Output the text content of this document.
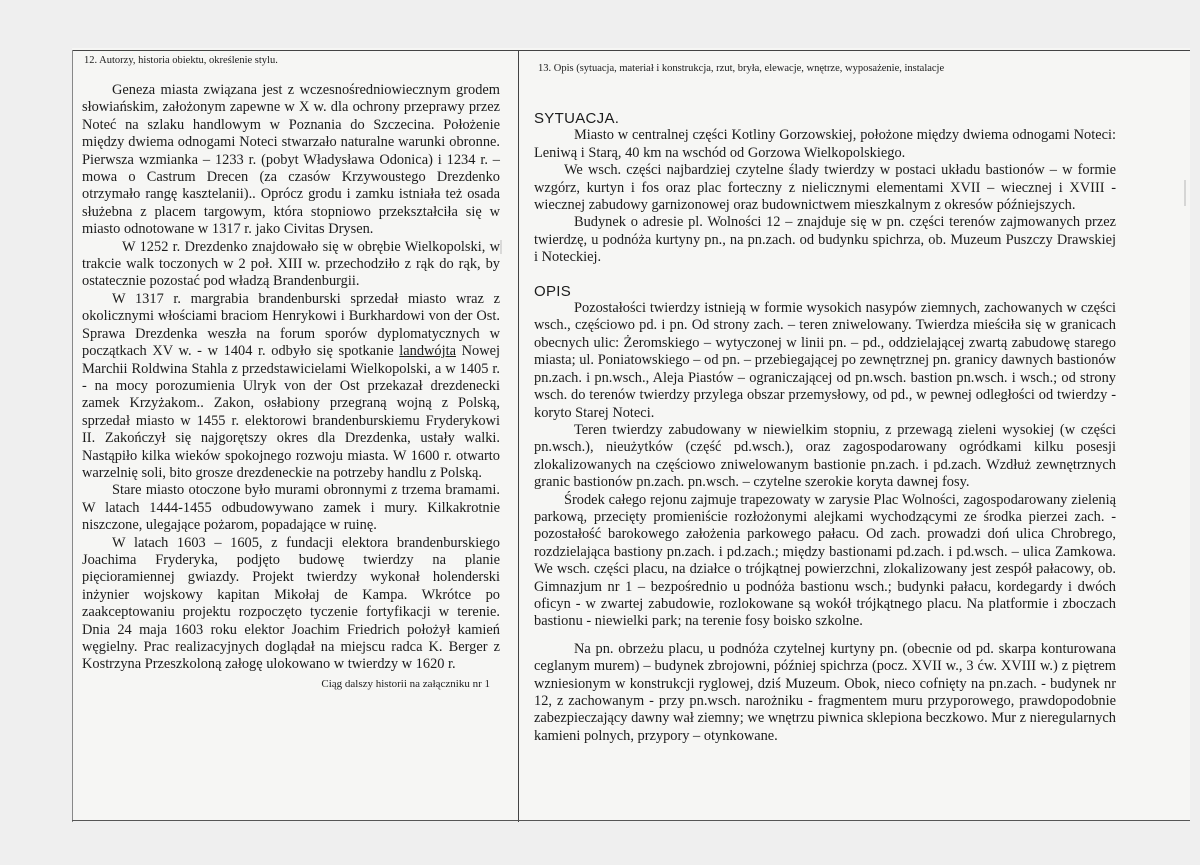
12. Autorzy, historia obiektu, określenie stylu.
13. Opis (sytuacja, materiał i konstrukcja, rzut, bryła, elewacje, wnętrze, wyposażenie, instalacje

Geneza miasta związana jest z wczesnośredniowiecznym grodem słowiańskim, założonym zapewne w X w. dla ochrony przeprawy przez Noteć na szlaku handlowym w Poznania do Szczecina. Położenie między dwiema odnogami Noteci stwarzało naturalne warunki obronne. Pierwsza wzmianka – 1233 r. (pobyt Władysława Odonica) i 1234 r. – mowa o Castrum Drecen (za czasów Krzywoustego Drezdenko otrzymało rangę kasztelanii).. Oprócz grodu i zamku istniała też osada służebna z placem targowym, która stopniowo przekształciła się w miasto odnotowane w 1317 r. jako Civitas Drysen.

W 1252 r. Drezdenko znajdowało się w obrębie Wielkopolski, w trakcie walk toczonych w 2 poł. XIII w. przechodziło z rąk do rąk, by ostatecznie pozostać pod władzą Brandenburgii.

W 1317 r. margrabia brandenburski sprzedał miasto wraz z okolicznymi włościami braciom Henrykowi i Burkhardowi von der Ost. Sprawa Drezdenka weszła na forum sporów dyplomatycznych w początkach XV w. - w 1404 r. odbyło się spotkanie landwójta Nowej Marchii Roldwina Stahla z przedstawicielami Wielkopolski, a w 1405 r. - na mocy porozumienia Ulryk von der Ost przekazał drezdenecki zamek Krzyżakom.. Zakon, osłabiony przegraną wojną z Polską, sprzedał miasto w 1455 r. elektorowi brandenburskiemu Fryderykowi II. Zakończył się najgorętszy okres dla Drezdenka, ustały walki. Nastąpiło kilka wieków spokojnego rozwoju miasta. W 1600 r. otwarto warzelnię soli, bito grosze drezdeneckie na potrzeby handlu z Polską.

Stare miasto otoczone było murami obronnymi z trzema bramami. W latach 1444-1455 odbudowywano zamek i mury. Kilkakrotnie niszczone, ulegające pożarom, popadające w ruinę.

W latach 1603 – 1605, z fundacji elektora brandenburskiego Joachima Fryderyka, podjęto budowę twierdzy na planie pięcioramiennej gwiazdy. Projekt twierdzy wykonał holenderski inżynier wojskowy kapitan Mikołaj de Kampa. Wkrótce po zaakceptowaniu projektu rozpoczęto tyczenie fortyfikacji w terenie. Dnia 24 maja 1603 roku elektor Joachim Friedrich położył kamień węgielny. Prac realizacyjnych doglądał na miejscu radca K. Berger z Kostrzyna Przeszkoloną załogę ulokowano w twierdzy w 1620 r.

Ciąg dalszy historii na załączniku nr 1

SYTUACJA.

Miasto w centralnej części Kotliny Gorzowskiej, położone między dwiema odnogami Noteci: Leniwą i Starą, 40 km na wschód od Gorzowa Wielkopolskiego.

We wsch. części najbardziej czytelne ślady twierdzy w postaci układu bastionów – w formie wzgórz, kurtyn i fos oraz plac forteczny z nielicznymi elementami XVII – wiecznej i XVIII -wiecznej zabudowy garnizonowej oraz budownictwem mieszkalnym z okresów późniejszych.

Budynek o adresie pl. Wolności 12 – znajduje się w pn. części terenów zajmowanych przez twierdzę, u podnóża kurtyny pn., na pn.zach. od budynku spichrza, ob. Muzeum Puszczy Drawskiej i Noteckiej.

OPIS

Pozostałości twierdzy istnieją w formie wysokich nasypów ziemnych, zachowanych w części wsch., częściowo pd. i pn. Od strony zach. – teren zniwelowany. Twierdza mieściła się w granicach obecnych ulic: Żeromskiego – wytyczonej w linii pn. – pd., oddzielającej zwartą zabudowę starego miasta; ul. Poniatowskiego – od pn. – przebiegającej po zewnętrznej pn. granicy dawnych bastionów pn.zach. i pn.wsch., Aleja Piastów – ograniczającej od pn.wsch. bastion pn.wsch. i wsch.; od strony wsch. do terenów twierdzy przylega obszar przemysłowy, od pd., w pewnej odległości od twierdzy - koryto Starej Noteci.

Teren twierdzy zabudowany w niewielkim stopniu, z przewagą zieleni wysokiej (w części pn.wsch.), nieużytków (część pd.wsch.), oraz zagospodarowany ogródkami kilku posesji zlokalizowanych na częściowo zniwelowanym bastionie pn.zach. i pd.zach. Wzdłuż zewnętrznych granic bastionów pn.zach. pn.wsch. – czytelne szerokie koryta dawnej fosy.

Środek całego rejonu zajmuje trapezowaty w zarysie Plac Wolności, zagospodarowany zielenią parkową, przecięty promieniście rozłożonymi alejkami wychodzącymi ze środka pierzei zach. - pozostałość barokowego założenia parkowego pałacu. Od zach. prowadzi doń ulica Chrobrego, rozdzielająca bastiony pn.zach. i pd.zach.; między bastionami pd.zach. i pd.wsch. – ulica Zamkowa. We wsch. części placu, na działce o trójkątnej powierzchni, zlokalizowany jest zespół pałacowy, ob. Gimnazjum nr 1 – bezpośrednio u podnóża bastionu wsch.; budynki pałacu, kordegardy i dwóch oficyn - w zwartej zabudowie, rozlokowane są wokół trójkątnego placu. Na platformie i zboczach bastionu - niewielki park; na terenie fosy boisko szkolne.

Na pn. obrzeżu placu, u podnóża czytelnej kurtyny pn. (obecnie od pd. skarpa konturowana ceglanym murem) – budynek zbrojowni, później spichrza (pocz. XVII w., 3 ćw. XVIII w.) z piętrem wzniesionym w konstrukcji ryglowej, dziś Muzeum. Obok, nieco cofnięty na pn.zach. - budynek nr 12, z zachowanym - przy pn.wsch. narożniku - fragmentem muru przyporowego, prawdopodobnie zabezpieczający dawny wał ziemny; we wnętrzu piwnica sklepiona beczkowo. Mur z nieregularnych kamieni polnych, przypory – otynkowane.
